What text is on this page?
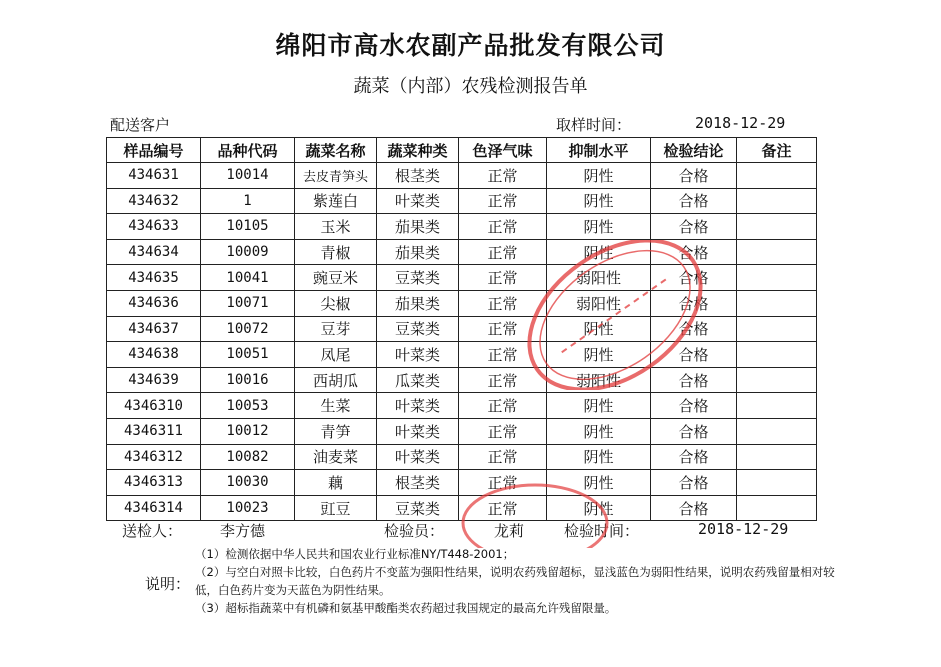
绵阳市高水农副产品批发有限公司
蔬菜（内部）农残检测报告单
配送客户	取样时间：	2018-12-29
样品编号	品种代码	蔬菜名称	蔬菜种类	色泽气味	抑制水平	检验结论	备注
434631	10014	去皮青笋头	根茎类	正常	阴性	合格	
434632	1	紫莲白	叶菜类	正常	阴性	合格	
434633	10105	玉米	茄果类	正常	阴性	合格	
434634	10009	青椒	茄果类	正常	阴性	合格	
434635	10041	豌豆米	豆菜类	正常	弱阳性	合格	
434636	10071	尖椒	茄果类	正常	弱阳性	合格	
434637	10072	豆芽	豆菜类	正常	阴性	合格	
434638	10051	凤尾	叶菜类	正常	阴性	合格	
434639	10016	西胡瓜	瓜菜类	正常	弱阳性	合格	
4346310	10053	生菜	叶菜类	正常	阴性	合格	
4346311	10012	青笋	叶菜类	正常	阴性	合格	
4346312	10082	油麦菜	叶菜类	正常	阴性	合格	
4346313	10030	藕	根茎类	正常	阴性	合格	
4346314	10023	豇豆	豆菜类	正常	阴性	合格	
送检人：	李方德	检验员：	龙莉	检验时间：	2018-12-29
说明：
（1）检测依据中华人民共和国农业行业标准NY/T448-2001；
（2）与空白对照卡比较，白色药片不变蓝为强阳性结果，说明农药残留超标，显浅蓝色为弱阳性结果，说明农药残留量相对较低，白色药片变为天蓝色为阴性结果。
（3）超标指蔬菜中有机磷和氨基甲酸酯类农药超过我国规定的最高允许残留限量。
